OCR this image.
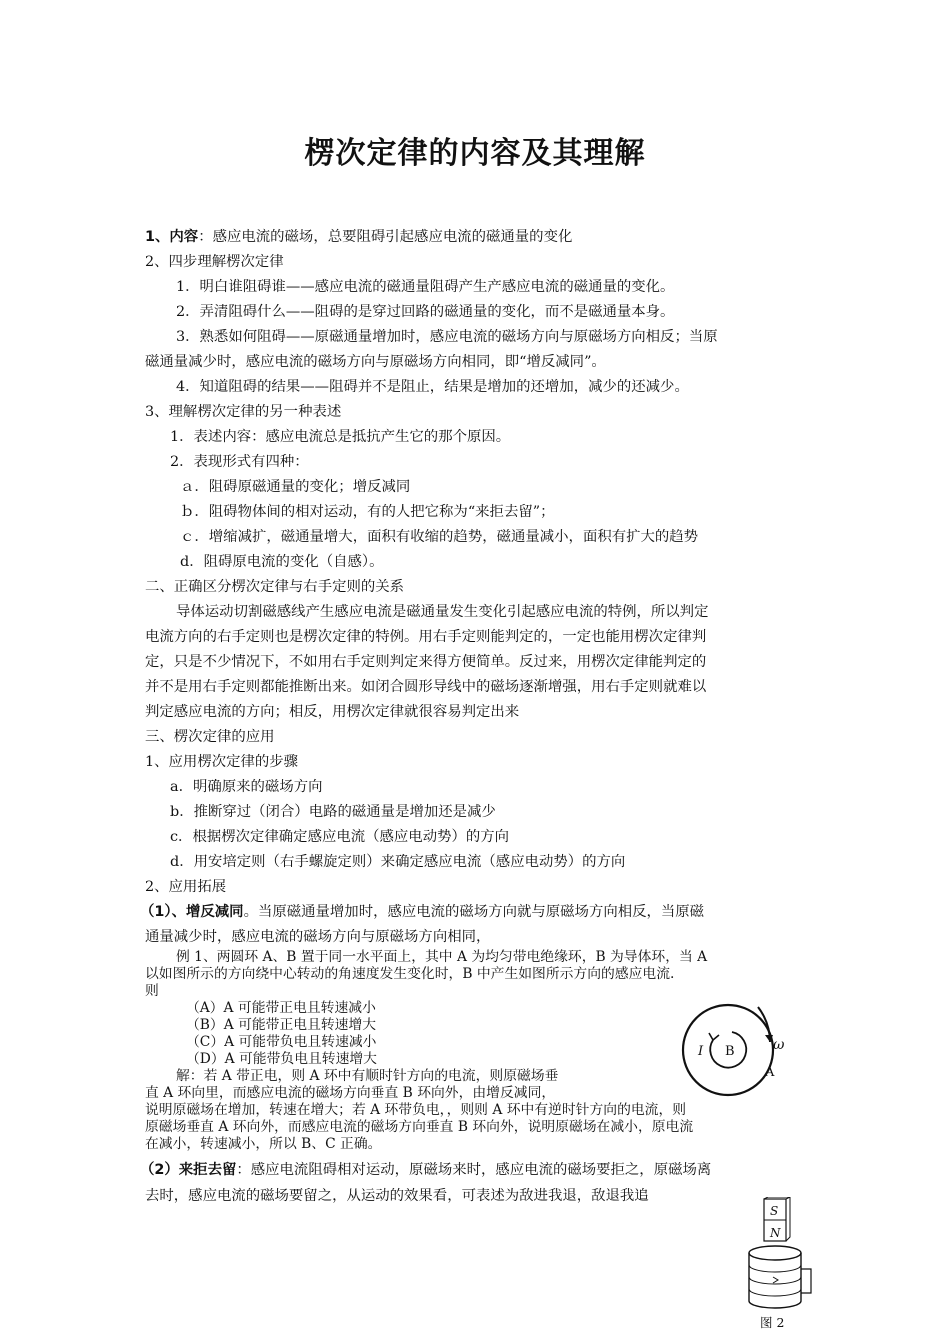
楞次定律的内容及其理解
1、内容：感应电流的磁场，总要阻碍引起感应电流的磁通量的变化
2、四步理解楞次定律
1．明白谁阻碍谁——感应电流的磁通量阻碍产生产感应电流的磁通量的变化。
2．弄清阻碍什么——阻碍的是穿过回路的磁通量的变化，而不是磁通量本身。
3．熟悉如何阻碍——原磁通量增加时，感应电流的磁场方向与原磁场方向相反；当原
磁通量减少时，感应电流的磁场方向与原磁场方向相同，即“增反减同”。
4．知道阻碍的结果——阻碍并不是阻止，结果是增加的还增加，减少的还减少。
3、理解楞次定律的另一种表述
1．表述内容：感应电流总是抵抗产生它的那个原因。
2．表现形式有四种：
ａ．阻碍原磁通量的变化；增反减同
ｂ．阻碍物体间的相对运动，有的人把它称为“来拒去留”；
ｃ．增缩减扩，磁通量增大，面积有收缩的趋势，磁通量减小，面积有扩大的趋势
d．阻碍原电流的变化（自感）。
二、正确区分楞次定律与右手定则的关系
导体运动切割磁感线产生感应电流是磁通量发生变化引起感应电流的特例，所以判定
电流方向的右手定则也是楞次定律的特例。用右手定则能判定的，一定也能用楞次定律判
定，只是不少情况下，不如用右手定则判定来得方便简单。反过来，用楞次定律能判定的
并不是用右手定则都能推断出来。如闭合圆形导线中的磁场逐渐增强，用右手定则就难以
判定感应电流的方向；相反，用楞次定律就很容易判定出来
三、楞次定律的应用
1、应用楞次定律的步骤
a．明确原来的磁场方向
b．推断穿过（闭合）电路的磁通量是增加还是减少
c．根据楞次定律确定感应电流（感应电动势）的方向
d．用安培定则（右手螺旋定则）来确定感应电流（感应电动势）的方向
2、应用拓展
（1）、增反减同。当原磁通量增加时，感应电流的磁场方向就与原磁场方向相反，当原磁
通量减少时，感应电流的磁场方向与原磁场方向相同，
例 1、两圆环 A、B 置于同一水平面上，其中 A 为均匀带电绝缘环，B 为导体环，当 A
以如图所示的方向绕中心转动的角速度发生变化时，B 中产生如图所示方向的感应电流.
则
（A）A 可能带正电且转速减小
（B）A 可能带正电且转速增大
（C）A 可能带负电且转速减小
（D）A 可能带负电且转速增大
解：若 A 带正电，则 A 环中有顺时针方向的电流，则原磁场垂
直 A 环向里，而感应电流的磁场方向垂直 B 环向外，由增反减同，
说明原磁场在增加，转速在增大；若 A 环带负电，，则则 A 环中有逆时针方向的电流，则
原磁场垂直 A 环向外，而感应电流的磁场方向垂直 B 环向外，说明原磁场在减小，原电流
在减小，转速减小，所以 B、C 正确。
（2）来拒去留：感应电流阻碍相对运动，原磁场来时，感应电流的磁场要拒之，原磁场离
去时，感应电流的磁场要留之，从运动的效果看，可表述为敌进我退，敌退我追
I B	ω
A
S
N
图 2
